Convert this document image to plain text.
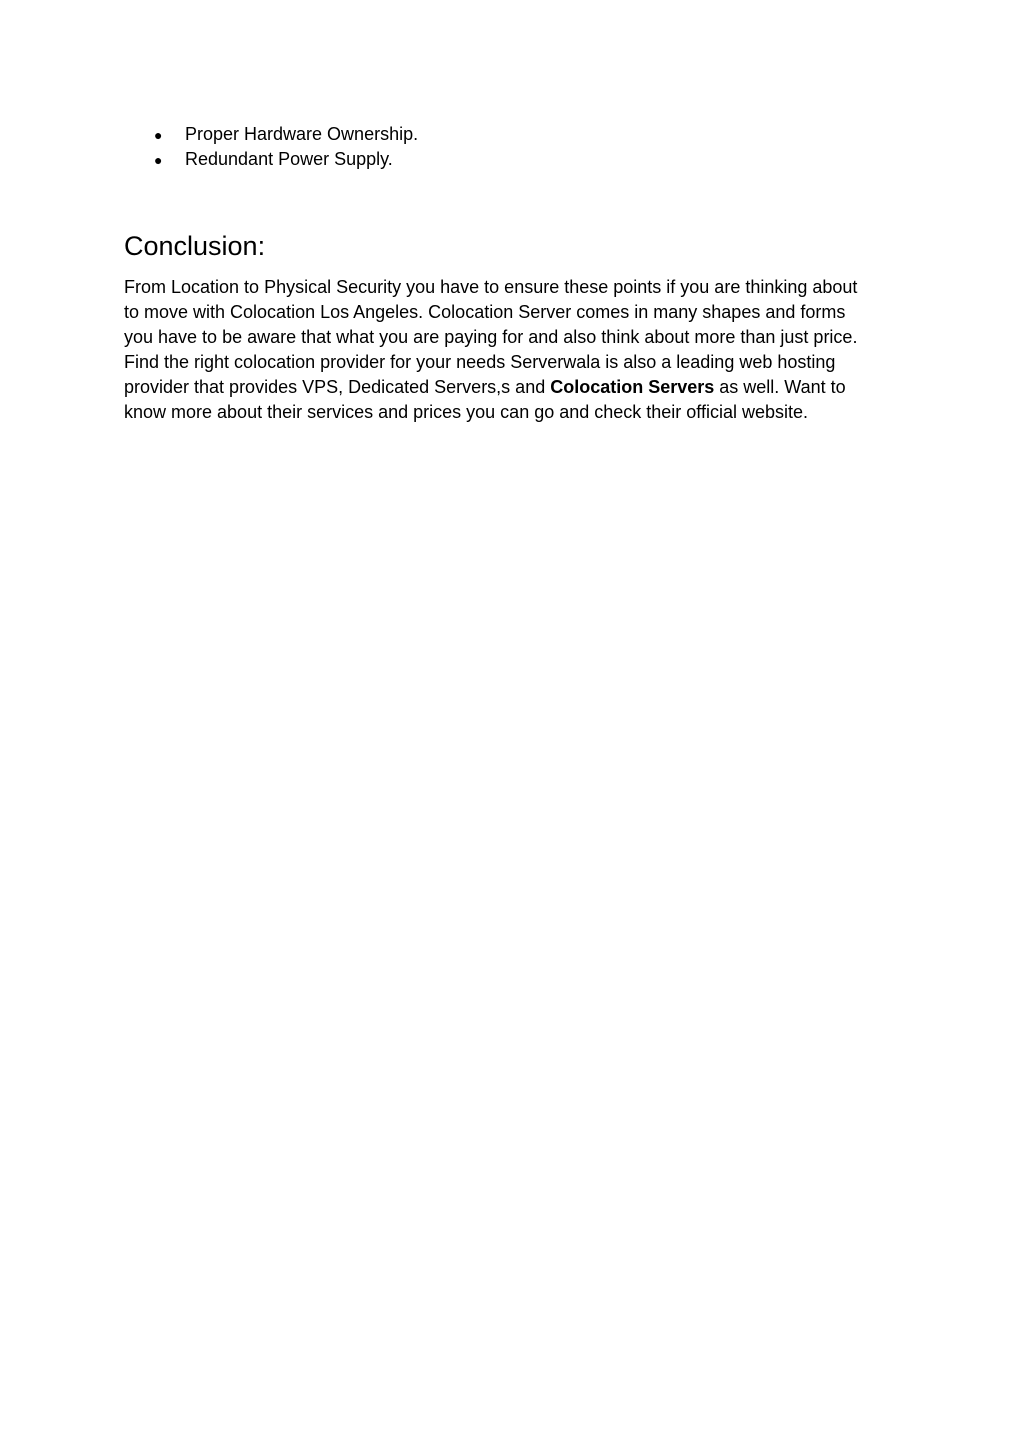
● Proper Hardware Ownership.
● Redundant Power Supply.
Conclusion:

From Location to Physical Security you have to ensure these points if you are thinking about
to move with Colocation Los Angeles. Colocation Server comes in many shapes and forms
you have to be aware that what you are paying for and also think about more than just price.
Find the right colocation provider for your needs Serverwala is also a leading web hosting
provider that provides VPS, Dedicated Servers,s and Colocation Servers as well. Want to
know more about their services and prices you can go and check their official website.
